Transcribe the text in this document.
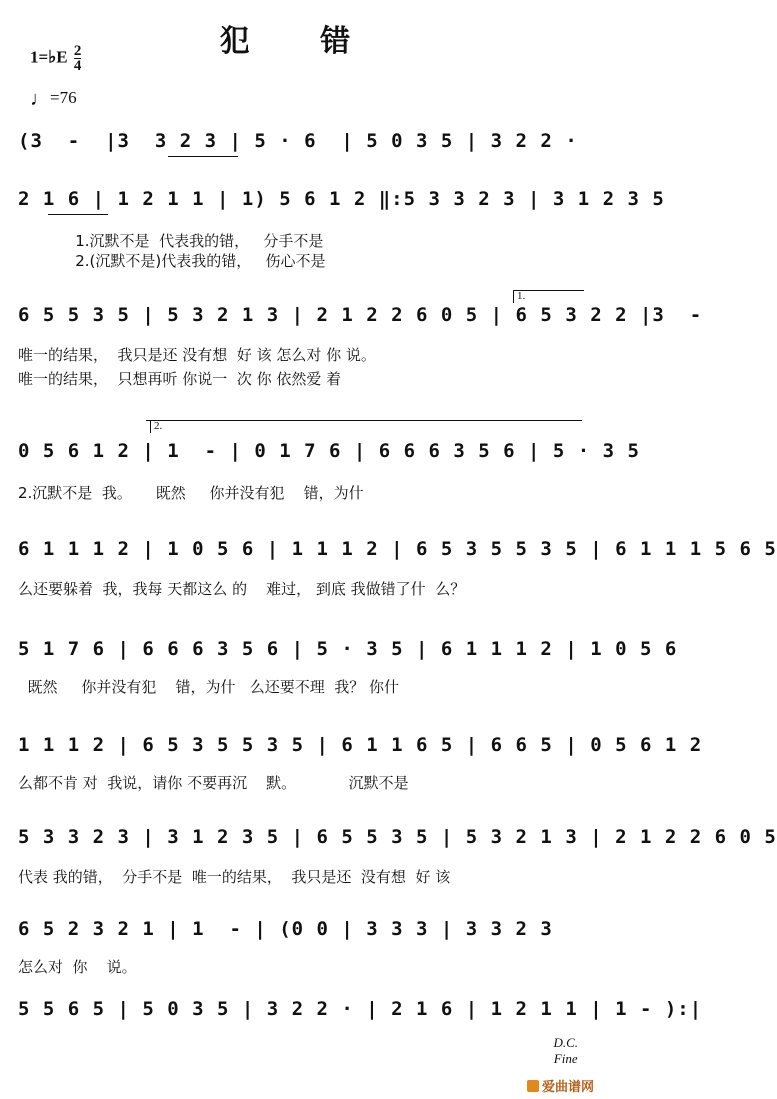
犯 错
1=♭E $\frac{2}{4}$
♩=76
(3  -  |3  3 2 3 | 5 · 6  | 5 0 3 5 | 3 2 2 ·
2 1 6 | 1 2 1 1 | 1) 5 6 1 2 ‖:5 3 3 2 3 | 3 1 2 3 5
1.沉默不是  代表我的错，   分手不是
2.(沉默不是)代表我的错，   伤心不是
1.
6 5 5 3 5 | 5 3 2 1 3 | 2 1 2 2 6 0 5 | 6 5 3 2 2 |3  -
唯一的结果，  我只是还 没有想  好 该 怎么对 你 说。
唯一的结果，  只想再听 你说一  次 你 依然爱 着
2.
0 5 6 1 2 | 1  - | 0 1 7 6 | 6 6 6 3 5 6 | 5 · 3 5
2.沉默不是  我。     既然     你并没有犯    错，为什
6 1 1 1 2 | 1 0 5 6 | 1 1 1 2 | 6 5 3 5 5 3 5 | 6 1 1 1 5 6 5
么还要躲着  我，我每 天都这么 的    难过， 到底 我做错了什  么？
5 1 7 6 | 6 6 6 3 5 6 | 5 · 3 5 | 6 1 1 1 2 | 1 0 5 6
既然     你并没有犯    错，为什   么还要不理  我？ 你什
1 1 1 2 | 6 5 3 5 5 3 5 | 6 1 1 6 5 | 6 6 5 | 0 5 6 1 2
么都不肯 对  我说，请你 不要再沉    默。           沉默不是
5 3 3 2 3 | 3 1 2 3 5 | 6 5 5 3 5 | 5 3 2 1 3 | 2 1 2 2 6 0 5
代表 我的错，  分手不是  唯一的结果，  我只是还  没有想  好 该
6 5 2 3 2 1 | 1  - | (0 0 | 3 3 3 | 3 3 2 3
怎么对  你    说。
5 5 6 5 | 5 0 3 5 | 3 2 2 · | 2 1 6 | 1 2 1 1 | 1 - ):|
D.C.
Fine
爱曲谱网
